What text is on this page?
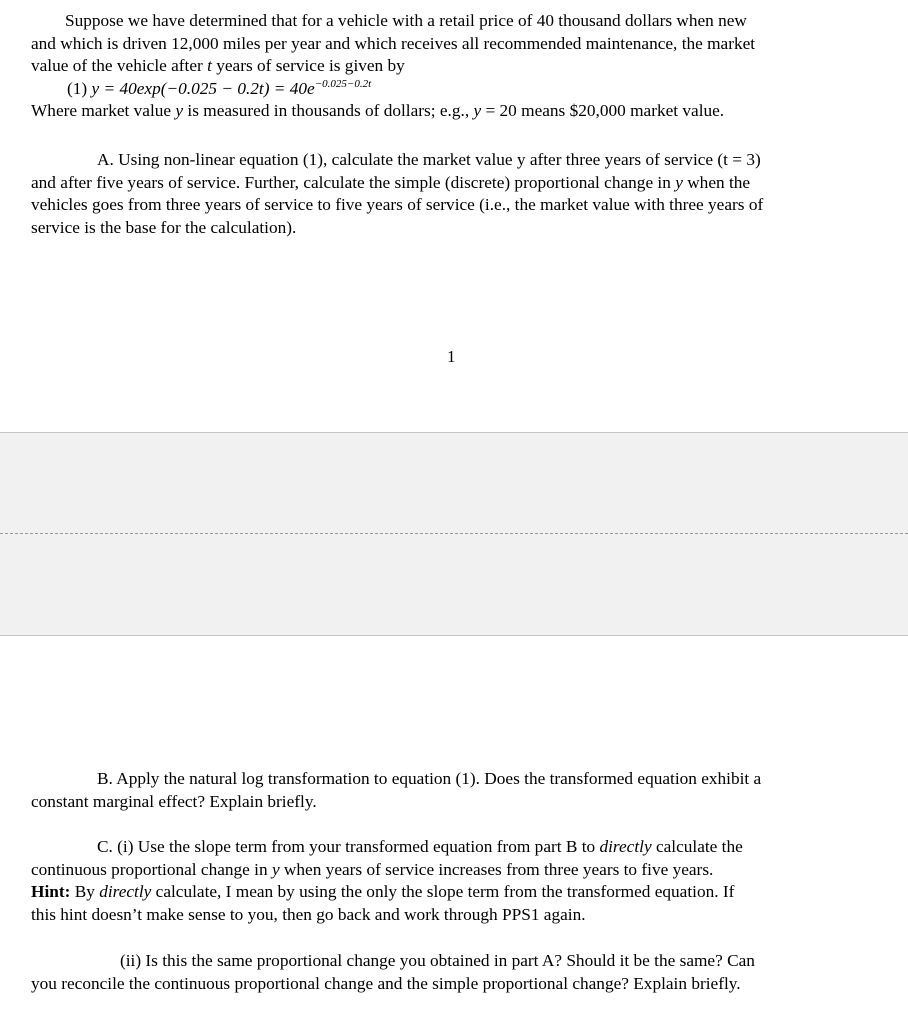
Suppose we have determined that for a vehicle with a retail price of 40 thousand dollars when new
and which is driven 12,000 miles per year and which receives all recommended maintenance, the market
value of the vehicle after t years of service is given by
(1) $y = 40\exp(-0.025 - 0.2t) = 40e^{-0.025-0.2t}$
Where market value y is measured in thousands of dollars; e.g., y = 20 means $20,000 market value.
A. Using non-linear equation (1), calculate the market value y after three years of service (t = 3)
and after five years of service. Further, calculate the simple (discrete) proportional change in y when the
vehicles goes from three years of service to five years of service (i.e., the market value with three years of
service is the base for the calculation).
1
B. Apply the natural log transformation to equation (1). Does the transformed equation exhibit a
constant marginal effect? Explain briefly.
C. (i) Use the slope term from your transformed equation from part B to directly calculate the
continuous proportional change in y when years of service increases from three years to five years.
Hint: By directly calculate, I mean by using the only the slope term from the transformed equation. If
this hint doesn’t make sense to you, then go back and work through PPS1 again.
(ii) Is this the same proportional change you obtained in part A? Should it be the same? Can
you reconcile the continuous proportional change and the simple proportional change? Explain briefly.
